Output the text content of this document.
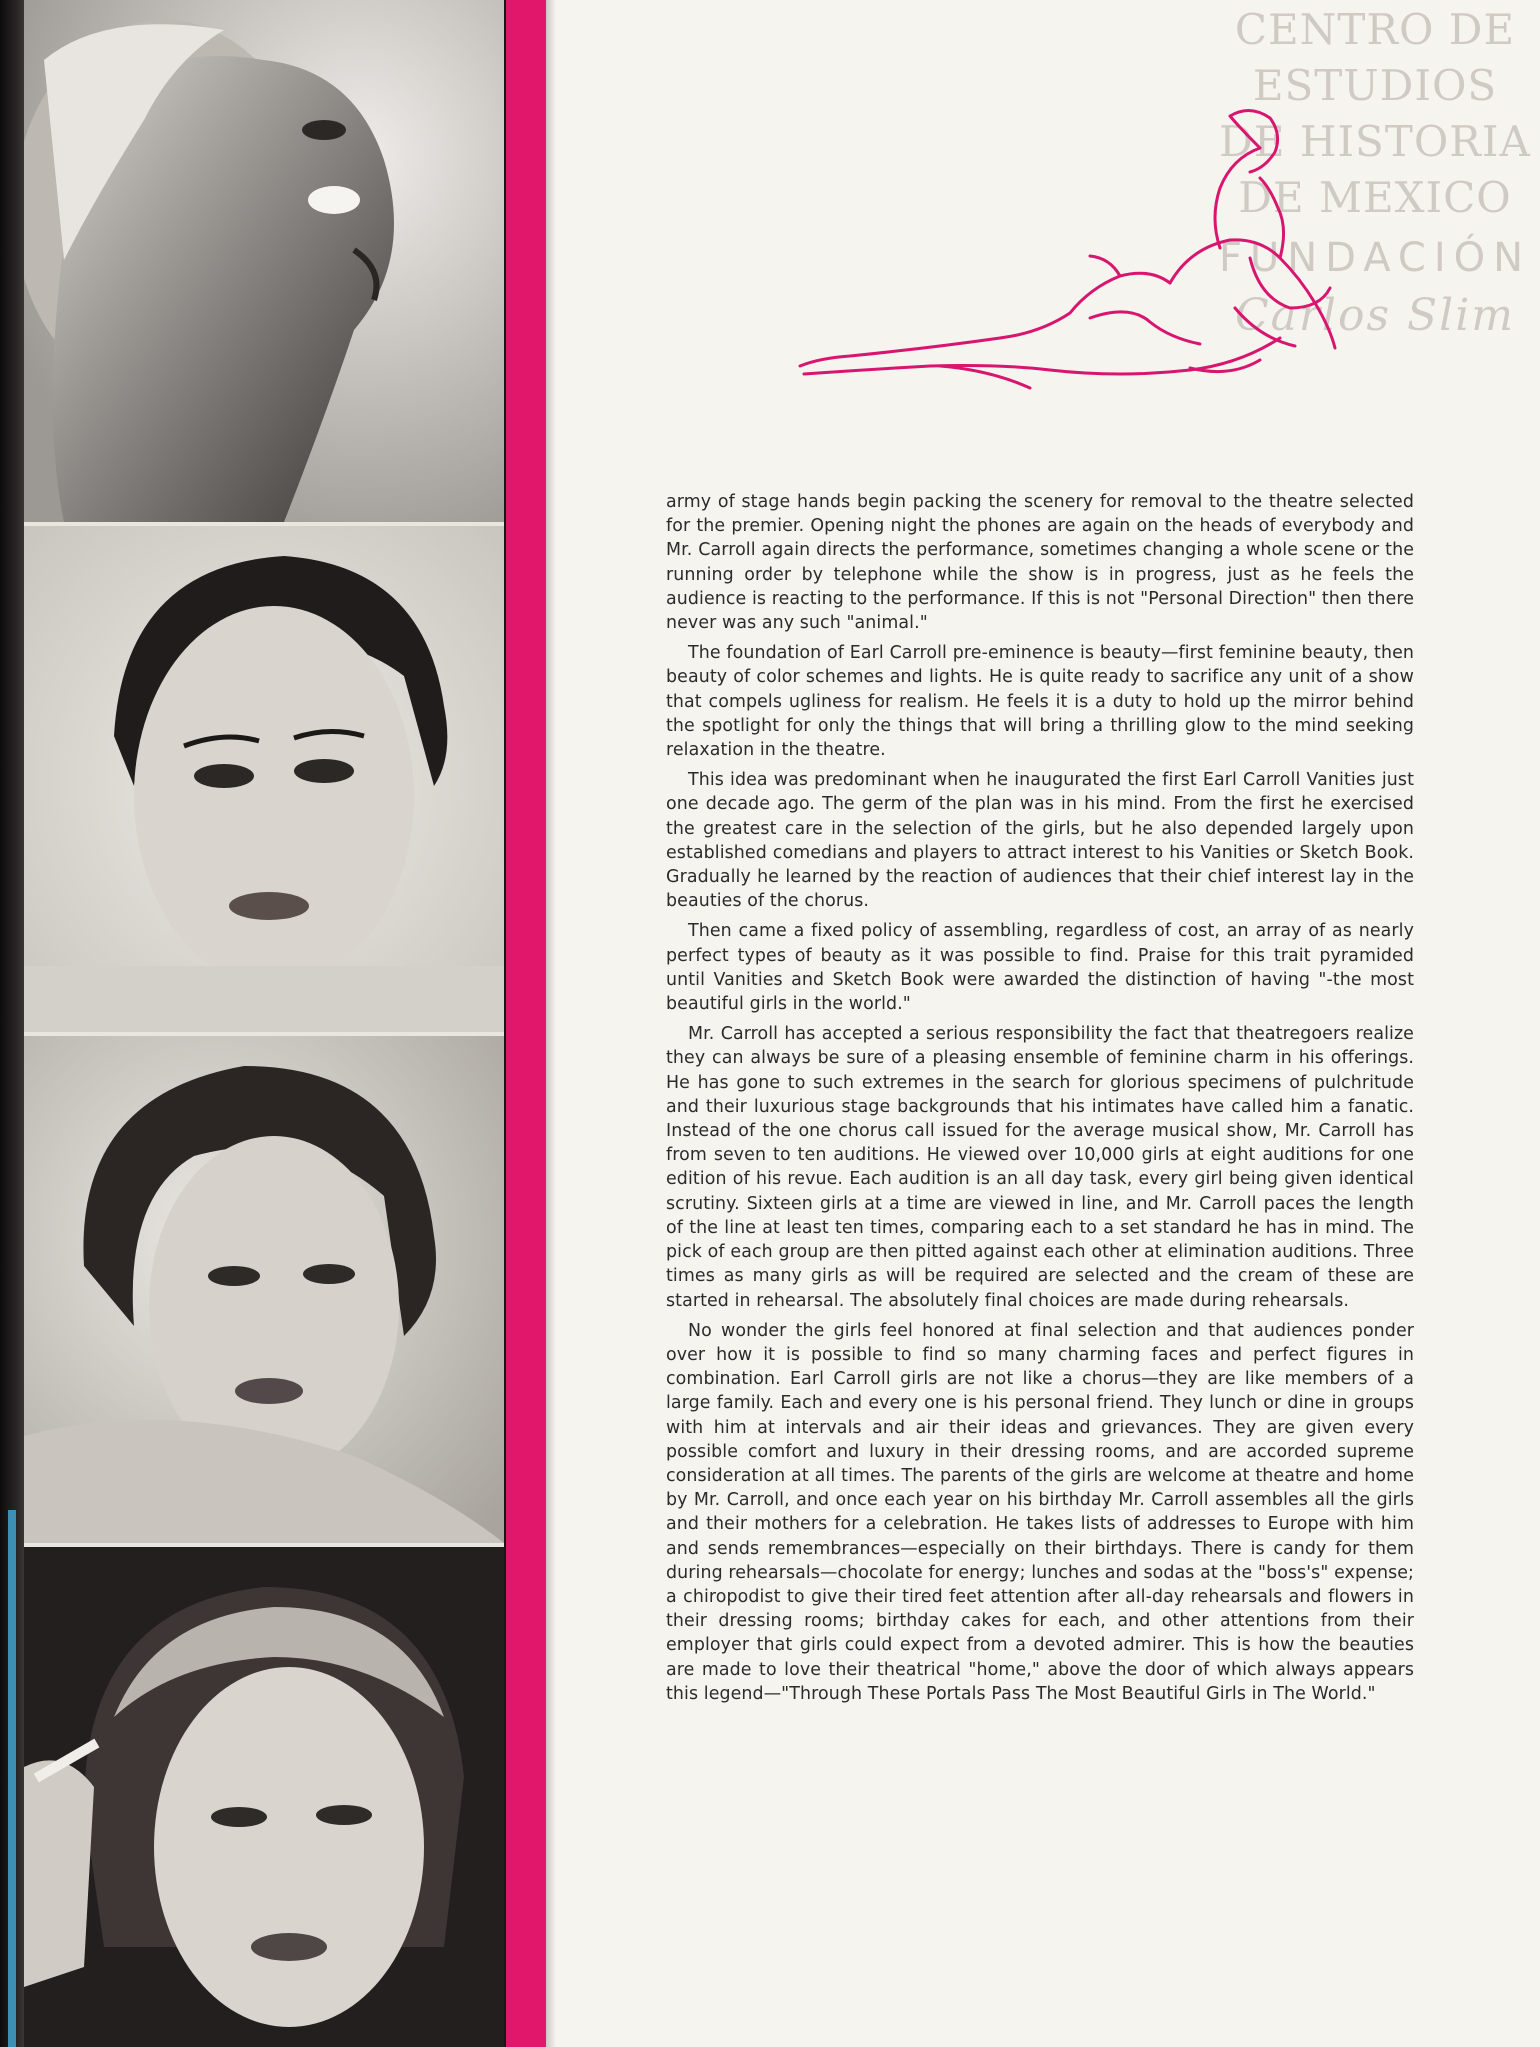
CENTRO DE
ESTUDIOS
DE HISTORIA
DE MEXICO
FUNDACIÓN
Carlos Slim

army of stage hands begin packing the scenery for removal to the theatre selected for the premier. Opening night the phones are again on the heads of everybody and Mr. Carroll again directs the performance, sometimes changing a whole scene or the running order by telephone while the show is in progress, just as he feels the audience is reacting to the performance. If this is not "Personal Direction" then there never was any such "animal."

The foundation of Earl Carroll pre-eminence is beauty—first feminine beauty, then beauty of color schemes and lights. He is quite ready to sacrifice any unit of a show that compels ugliness for realism. He feels it is a duty to hold up the mirror behind the spotlight for only the things that will bring a thrilling glow to the mind seeking relaxation in the theatre.

This idea was predominant when he inaugurated the first Earl Carroll Vanities just one decade ago. The germ of the plan was in his mind. From the first he exercised the greatest care in the selection of the girls, but he also depended largely upon established comedians and players to attract interest to his Vanities or Sketch Book. Gradually he learned by the reaction of audiences that their chief interest lay in the beauties of the chorus.

Then came a fixed policy of assembling, regardless of cost, an array of as nearly perfect types of beauty as it was possible to find. Praise for this trait pyramided until Vanities and Sketch Book were awarded the distinction of having "-the most beautiful girls in the world."

Mr. Carroll has accepted a serious responsibility the fact that theatregoers realize they can always be sure of a pleasing ensemble of feminine charm in his offerings. He has gone to such extremes in the search for glorious specimens of pulchritude and their luxurious stage backgrounds that his intimates have called him a fanatic. Instead of the one chorus call issued for the average musical show, Mr. Carroll has from seven to ten auditions. He viewed over 10,000 girls at eight auditions for one edition of his revue. Each audition is an all day task, every girl being given identical scrutiny. Sixteen girls at a time are viewed in line, and Mr. Carroll paces the length of the line at least ten times, comparing each to a set standard he has in mind. The pick of each group are then pitted against each other at elimination auditions. Three times as many girls as will be required are selected and the cream of these are started in rehearsal. The absolutely final choices are made during rehearsals.

No wonder the girls feel honored at final selection and that audiences ponder over how it is possible to find so many charming faces and perfect figures in combination. Earl Carroll girls are not like a chorus—they are like members of a large family. Each and every one is his personal friend. They lunch or dine in groups with him at intervals and air their ideas and grievances. They are given every possible comfort and luxury in their dressing rooms, and are accorded supreme consideration at all times. The parents of the girls are welcome at theatre and home by Mr. Carroll, and once each year on his birthday Mr. Carroll assembles all the girls and their mothers for a celebration. He takes lists of addresses to Europe with him and sends remembrances—especially on their birthdays. There is candy for them during rehearsals—chocolate for energy; lunches and sodas at the "boss's" expense; a chiropodist to give their tired feet attention after all-day rehearsals and flowers in their dressing rooms; birthday cakes for each, and other attentions from their employer that girls could expect from a devoted admirer. This is how the beauties are made to love their theatrical "home," above the door of which always appears this legend—"Through These Portals Pass The Most Beautiful Girls in The World."
